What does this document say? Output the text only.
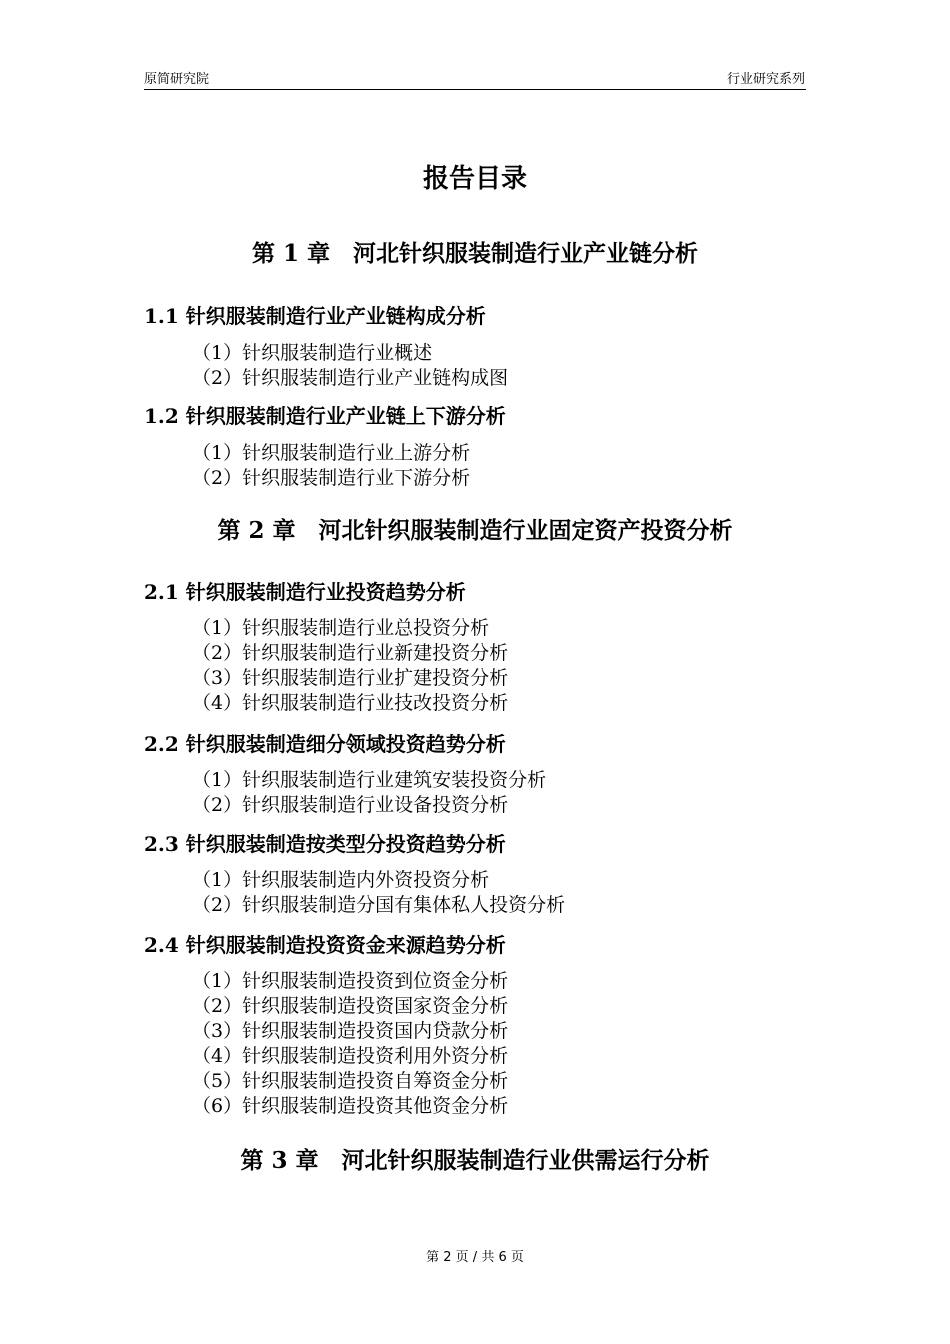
原简研究院	行业研究系列
报告目录
第 1 章　河北针织服装制造行业产业链分析
1.1 针织服装制造行业产业链构成分析
（1）针织服装制造行业概述
（2）针织服装制造行业产业链构成图
1.2 针织服装制造行业产业链上下游分析
（1）针织服装制造行业上游分析
（2）针织服装制造行业下游分析
第 2 章　河北针织服装制造行业固定资产投资分析
2.1 针织服装制造行业投资趋势分析
（1）针织服装制造行业总投资分析
（2）针织服装制造行业新建投资分析
（3）针织服装制造行业扩建投资分析
（4）针织服装制造行业技改投资分析
2.2 针织服装制造细分领域投资趋势分析
（1）针织服装制造行业建筑安装投资分析
（2）针织服装制造行业设备投资分析
2.3 针织服装制造按类型分投资趋势分析
（1）针织服装制造内外资投资分析
（2）针织服装制造分国有集体私人投资分析
2.4 针织服装制造投资资金来源趋势分析
（1）针织服装制造投资到位资金分析
（2）针织服装制造投资国家资金分析
（3）针织服装制造投资国内贷款分析
（4）针织服装制造投资利用外资分析
（5）针织服装制造投资自筹资金分析
（6）针织服装制造投资其他资金分析
第 3 章　河北针织服装制造行业供需运行分析
第 2 页 / 共 6 页
